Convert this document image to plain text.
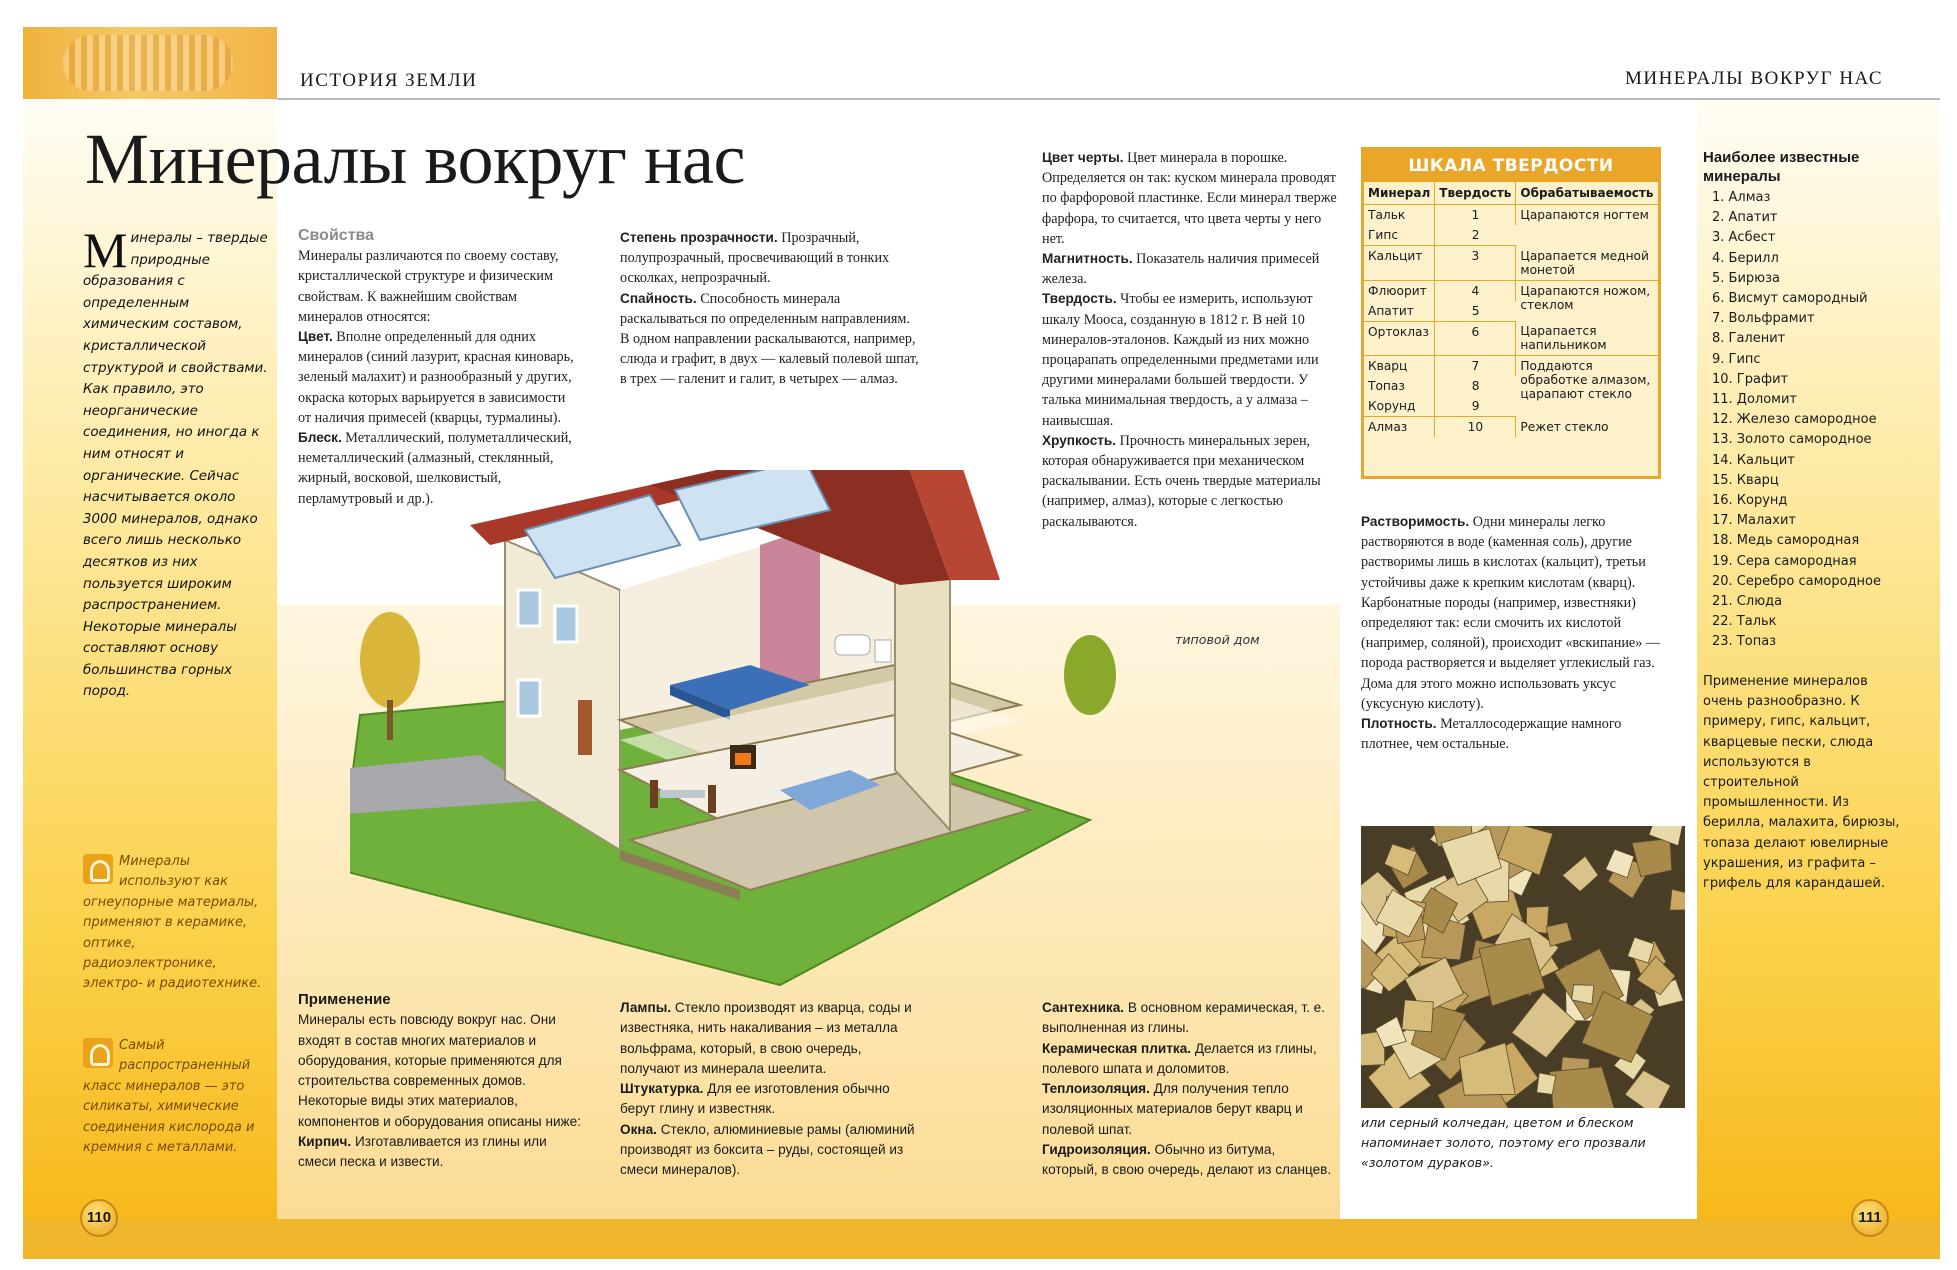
ИСТОРИЯ ЗЕМЛИ	МИНЕРАЛЫ ВОКРУГ НАС
Минералы вокруг нас
Минералы – твердые природные образования с определенным химическим составом, кристаллической структурой и свойствами. Как правило, это неорганические соединения, но иногда к ним относят и органические. Сейчас насчитывается около 3000 минералов, однако всего лишь несколько десятков из них пользуется широким распространением. Некоторые минералы составляют основу большинства горных пород.
Минералы используют как огнеупорные материалы, применяют в керамике, оптике, радиоэлектронике, электро- и радиотехнике.
Самый распространенный класс минералов — это силикаты, химические соединения кислорода и кремния с металлами.
Свойства
Минералы различаются по своему составу, кристаллической структуре и физическим свойствам. К важнейшим свойствам минералов относятся:
Цвет. Вполне определенный для одних минералов (синий лазурит, красная киноварь, зеленый малахит) и разнообразный у других, окраска которых варьируется в зависимости от наличия примесей (кварцы, турмалины).
Блеск. Металлический, полуметаллический, неметаллический (алмазный, стеклянный, жирный, восковой, шелковистый, перламутровый и др.).
Степень прозрачности. Прозрачный, полупрозрачный, просвечивающий в тонких осколках, непрозрачный.
Спайность. Способность минерала раскалываться по определенным направлениям. В одном направлении раскалываются, например, слюда и графит, в двух — калевый полевой шпат, в трех — галенит и галит, в четырех — алмаз.
Цвет черты. Цвет минерала в порошке. Определяется он так: куском минерала проводят по фарфоровой пластинке. Если минерал тверже фарфора, то считается, что цвета черты у него нет.
Магнитность. Показатель наличия примесей железа.
Твердость. Чтобы ее измерить, используют шкалу Мооса, созданную в 1812 г. В ней 10 минералов-эталонов. Каждый из них можно процарапать определенными предметами или другими минералами большей твердости. У талька минимальная твердость, а у алмаза – наивысшая.
Хрупкость. Прочность минеральных зерен, которая обнаруживается при механическом раскалывании. Есть очень твердые материалы (например, алмаз), которые с легкостью раскалываются.
ШКАЛА ТВЕРДОСТИ
Минерал	Твердость	Обрабатываемость
Тальк	1	Царапаются ногтем
Гипс	2	
Кальцит	3	Царапается медной монетой
Флюорит	4	Царапаются ножом, стеклом
Апатит	5	
Ортоклаз	6	Царапается напильником
Кварц	7	Поддаются обработке алмазом, царапают стекло
Топаз	8	
Корунд	9	
Алмаз	10	Режет стекло
Наиболее известные минералы
1. Алмаз
2. Апатит
3. Асбест
4. Берилл
5. Бирюза
6. Висмут самородный
7. Вольфрамит
8. Галенит
9. Гипс
10. Графит
11. Доломит
12. Железо самородное
13. Золото самородное
14. Кальцит
15. Кварц
16. Корунд
17. Малахит
18. Медь самородная
19. Сера самородная
20. Серебро самородное
21. Слюда
22. Тальк
23. Топаз
Применение минералов очень разнообразно. К примеру, гипс, кальцит, кварцевые пески, слюда используются в строительной промышленности. Из берилла, малахита, бирюзы, топаза делают ювелирные украшения, из графита – грифель для карандашей.
Растворимость. Одни минералы легко растворяются в воде (каменная соль), другие растворимы лишь в кислотах (кальцит), третьи устойчивы даже к крепким кислотам (кварц). Карбонатные породы (например, известняки) определяют так: если смочить их кислотой (например, соляной), происходит «вскипание» — порода растворяется и выделяет углекислый газ. Дома для этого можно использовать уксус (уксусную кислоту).
Плотность. Металлосодержащие намного плотнее, чем остальные.
типовой дом
Применение
Минералы есть повсюду вокруг нас. Они входят в состав многих материалов и оборудования, которые применяются для строительства современных домов. Некоторые виды этих материалов, компонентов и оборудования описаны ниже:
Кирпич. Изготавливается из глины или смеси песка и извести.
Лампы. Стекло производят из кварца, соды и известняка, нить накаливания – из металла вольфрама, который, в свою очередь, получают из минерала шеелита.
Штукатурка. Для ее изготовления обычно берут глину и известняк.
Окна. Стекло, алюминиевые рамы (алюминий производят из боксита – руды, состоящей из смеси минералов).
Сантехника. В основном керамическая, т. е. выполненная из глины.
Керамическая плитка. Делается из глины, полевого шпата и доломитов.
Теплоизоляция. Для получения тепло изоляционных материалов берут кварц и полевой шпат.
Гидроизоляция. Обычно из битума, который, в свою очередь, делают из сланцев.
или серный колчедан, цветом и блеском напоминает золото, поэтому его прозвали «золотом дураков».
110	111
